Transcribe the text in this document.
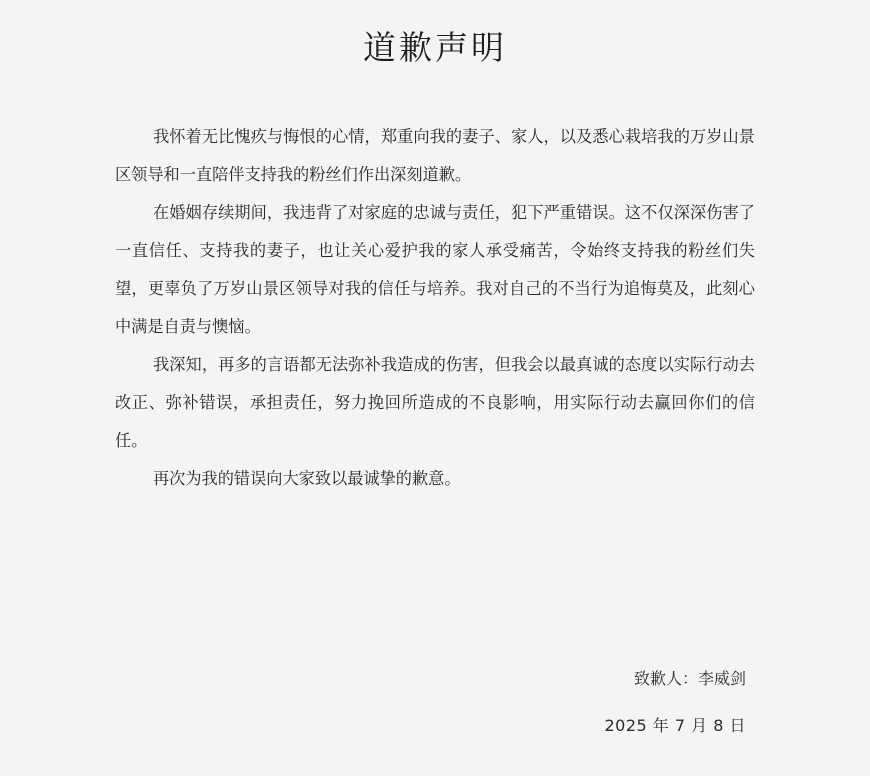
道歉声明

我怀着无比愧疚与悔恨的心情，郑重向我的妻子、家人，以及悉心栽培我的万岁山景区领导和一直陪伴支持我的粉丝们作出深刻道歉。

在婚姻存续期间，我违背了对家庭的忠诚与责任，犯下严重错误。这不仅深深伤害了一直信任、支持我的妻子，也让关心爱护我的家人承受痛苦，令始终支持我的粉丝们失望，更辜负了万岁山景区领导对我的信任与培养。我对自己的不当行为追悔莫及，此刻心中满是自责与懊恼。

我深知，再多的言语都无法弥补我造成的伤害，但我会以最真诚的态度以实际行动去改正、弥补错误，承担责任，努力挽回所造成的不良影响，用实际行动去赢回你们的信任。

再次为我的错误向大家致以最诚挚的歉意。

致歉人：李威剑
2025 年 7 月 8 日
